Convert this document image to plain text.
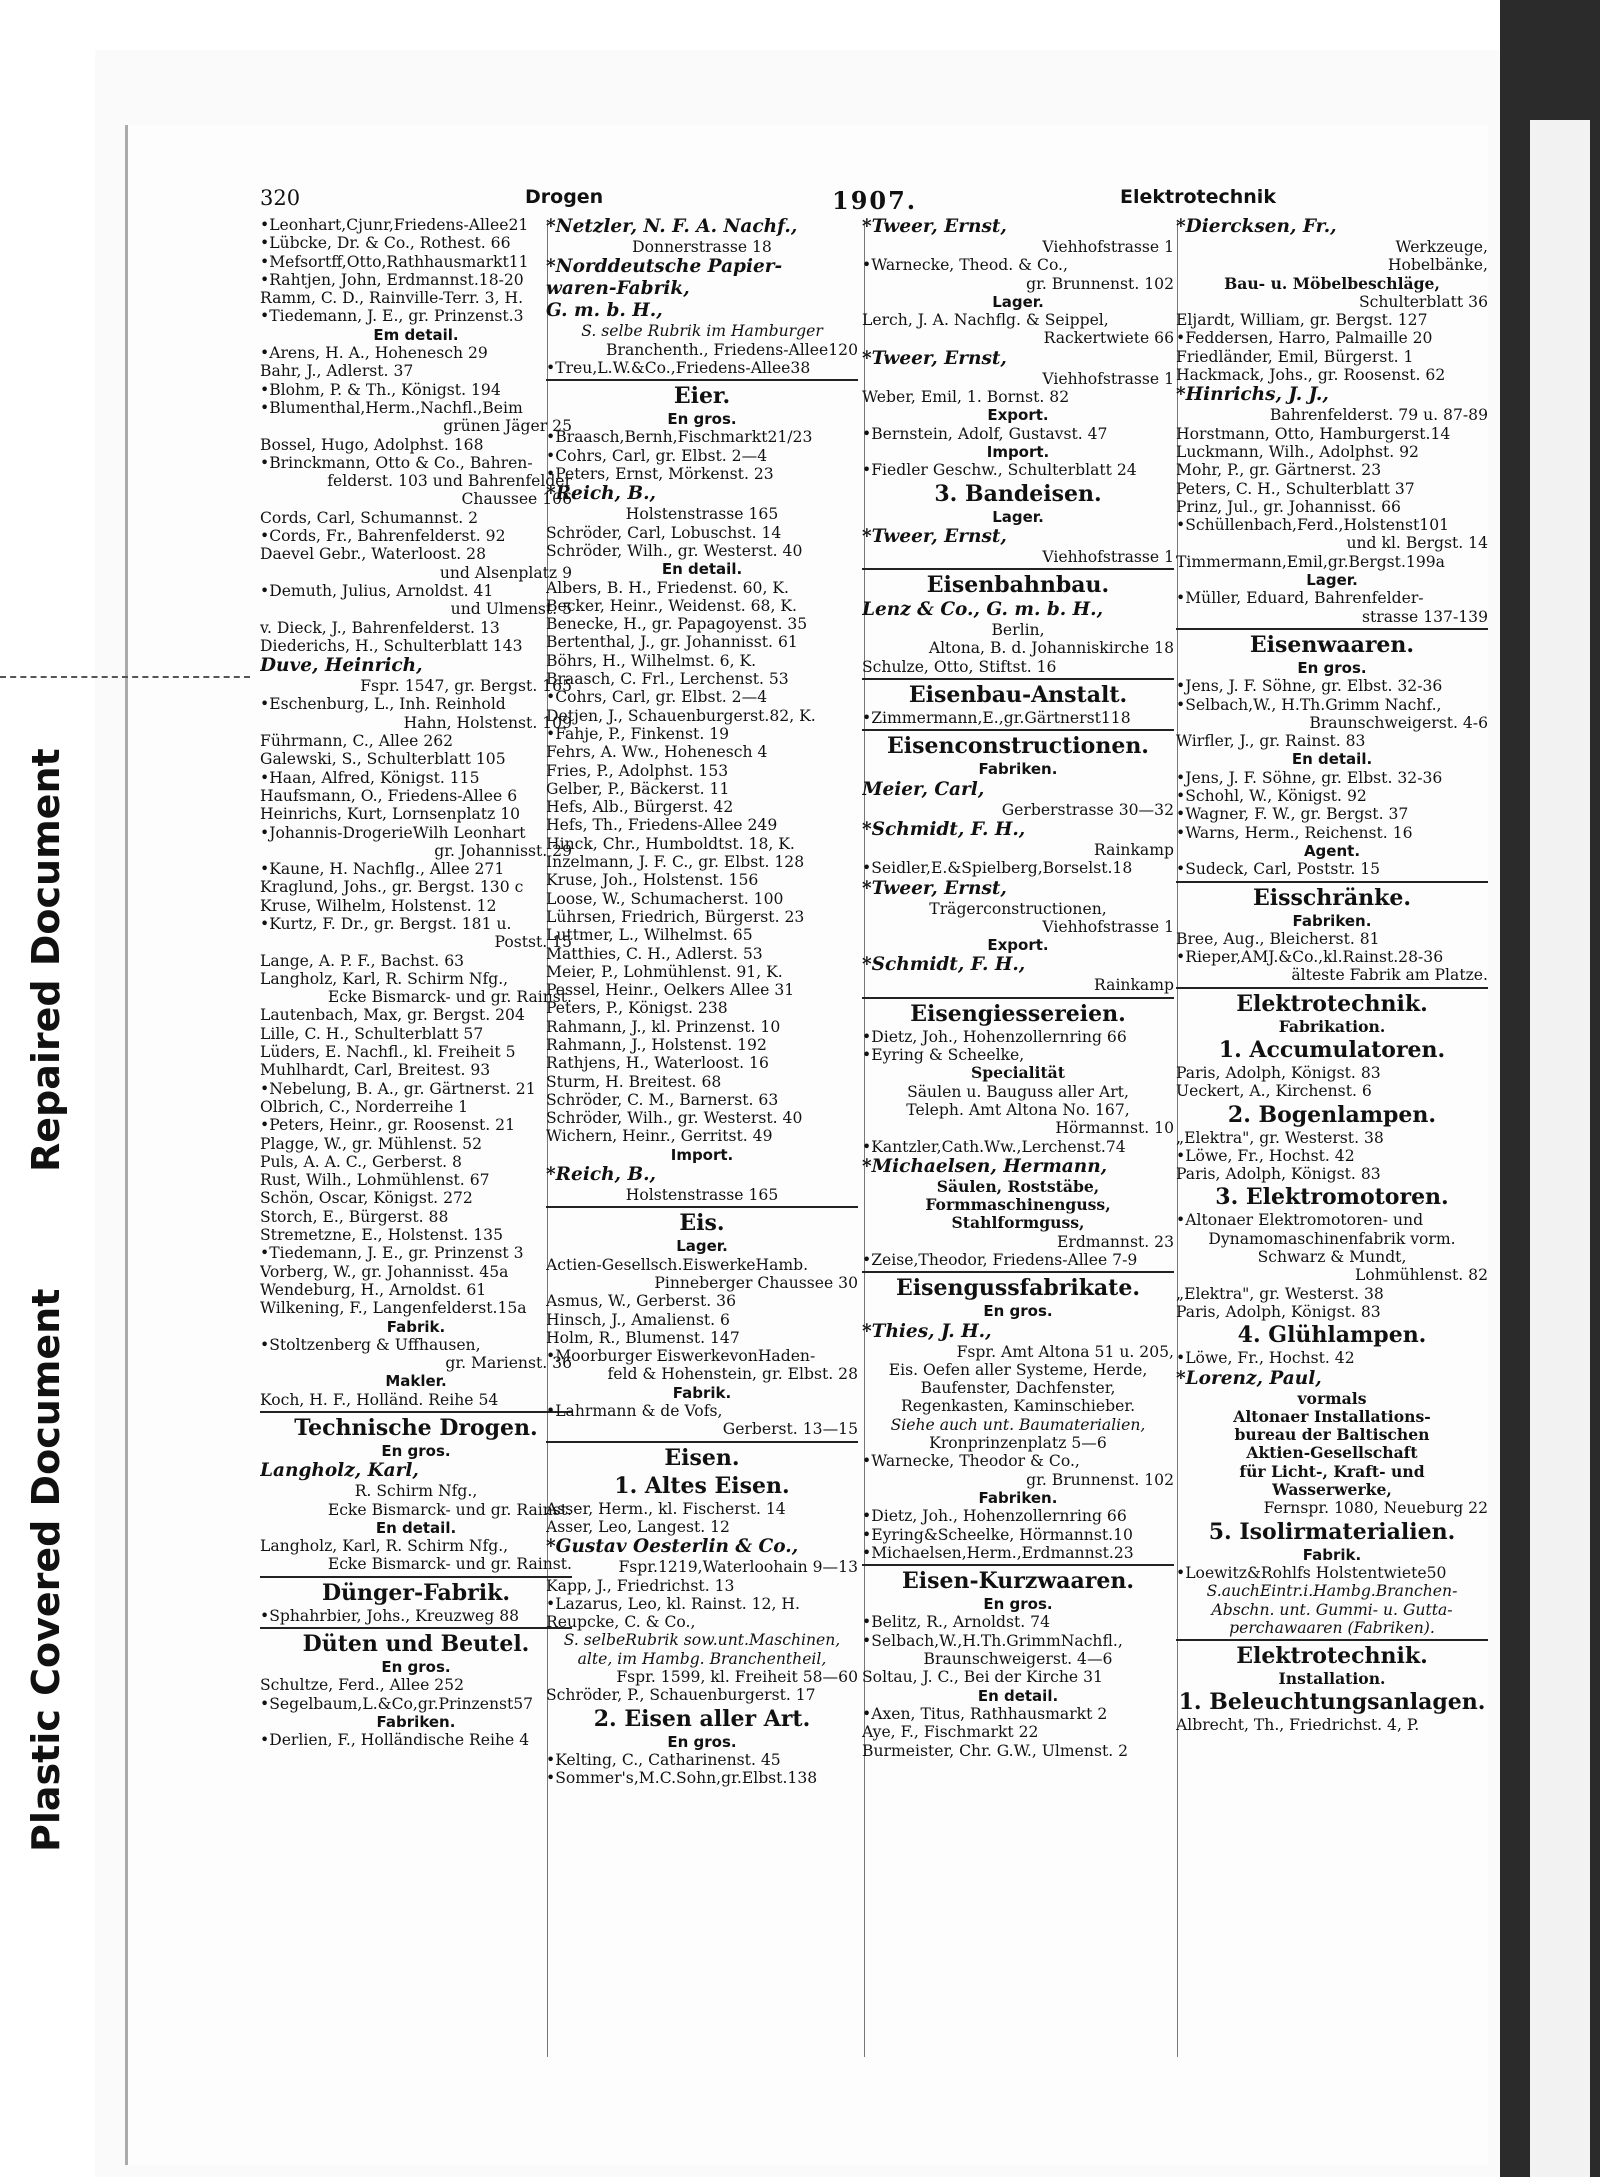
Repaired Document
Plastic Covered Document
320	Drogen	1907.	Elektrotechnik
•Leonhart,Cjunr,Friedens-Allee21
•Lübcke, Dr. & Co., Rothest. 66
•Mefsortff,Otto,Rathhausmarkt11
•Rahtjen, John, Erdmannst.18-20
Ramm, C. D., Rainville-Terr. 3, H.
•Tiedemann, J. E., gr. Prinzenst.3
Em detail.
•Arens, H. A., Hohenesch 29
Bahr, J., Adlerst. 37
•Blohm, P. & Th., Königst. 194
•Blumenthal,Herm.,Nachfl.,Beim
grünen Jäger 25
Bossel, Hugo, Adolphst. 168
•Brinckmann, Otto & Co., Bahren-
felderst. 103 und Bahrenfelder
Chaussee 106
Cords, Carl, Schumannst. 2
•Cords, Fr., Bahrenfelderst. 92
Daevel Gebr., Waterloost. 28
und Alsenplatz 9
•Demuth, Julius, Arnoldst. 41
und Ulmenst. 5
v. Dieck, J., Bahrenfelderst. 13
Diederichs, H., Schulterblatt 143
Duve, Heinrich,
Fspr. 1547, gr. Bergst. 165
•Eschenburg, L., Inh. Reinhold
Hahn, Holstenst. 109
Führmann, C., Allee 262
Galewski, S., Schulterblatt 105
•Haan, Alfred, Königst. 115
Haufsmann, O., Friedens-Allee 6
Heinrichs, Kurt, Lornsenplatz 10
•Johannis-DrogerieWilh Leonhart
gr. Johannisst. 29
•Kaune, H. Nachflg., Allee 271
Kraglund, Johs., gr. Bergst. 130 c
Kruse, Wilhelm, Holstenst. 12
•Kurtz, F. Dr., gr. Bergst. 181 u.
Postst. 15
Lange, A. P. F., Bachst. 63
Langholz, Karl, R. Schirm Nfg.,
Ecke Bismarck- und gr. Rainst.
Lautenbach, Max, gr. Bergst. 204
Lille, C. H., Schulterblatt 57
Lüders, E. Nachfl., kl. Freiheit 5
Muhlhardt, Carl, Breitest. 93
•Nebelung, B. A., gr. Gärtnerst. 21
Olbrich, C., Norderreihe 1
•Peters, Heinr., gr. Roosenst. 21
Plagge, W., gr. Mühlenst. 52
Puls, A. A. C., Gerberst. 8
Rust, Wilh., Lohmühlenst. 67
Schön, Oscar, Königst. 272
Storch, E., Bürgerst. 88
Stremetzne, E., Holstenst. 135
•Tiedemann, J. E., gr. Prinzenst 3
Vorberg, W., gr. Johannisst. 45a
Wendeburg, H., Arnoldst. 61
Wilkening, F., Langenfelderst.15a
Fabrik.
•Stoltzenberg & Uffhausen,
gr. Marienst. 36
Makler.
Koch, H. F., Holländ. Reihe 54
Technische Drogen.
En gros.
Langholz, Karl,
R. Schirm Nfg.,
Ecke Bismarck- und gr. Rainst.
En detail.
Langholz, Karl, R. Schirm Nfg.,
Ecke Bismarck- und gr. Rainst.
Dünger-Fabrik.
•Sphahrbier, Johs., Kreuzweg 88
Düten und Beutel.
En gros.
Schultze, Ferd., Allee 252
•Segelbaum,L.&Co,gr.Prinzenst57
Fabriken.
•Derlien, F., Holländische Reihe 4
*Netzler, N. F. A. Nachf.,
Donnerstrasse 18
*Norddeutsche Papier-
waren-Fabrik,
G. m. b. H.,
S. selbe Rubrik im Hamburger
Branchenth., Friedens-Allee120
•Treu,L.W.&Co.,Friedens-Allee38
Eier.
En gros.
•Braasch,Bernh,Fischmarkt21/23
•Cohrs, Carl, gr. Elbst. 2—4
•Peters, Ernst, Mörkenst. 23
*Reich, B.,
Holstenstrasse 165
Schröder, Carl, Lobuschst. 14
Schröder, Wilh., gr. Westerst. 40
En detail.
Albers, B. H., Friedenst. 60, K.
Becker, Heinr., Weidenst. 68, K.
Benecke, H., gr. Papagoyenst. 35
Bertenthal, J., gr. Johannisst. 61
Böhrs, H., Wilhelmst. 6, K.
Braasch, C. Frl., Lerchenst. 53
•Cohrs, Carl, gr. Elbst. 2—4
Detjen, J., Schauenburgerst.82, K.
•Fahje, P., Finkenst. 19
Fehrs, A. Ww., Hohenesch 4
Fries, P., Adolphst. 153
Gelber, P., Bäckerst. 11
Hefs, Alb., Bürgerst. 42
Hefs, Th., Friedens-Allee 249
Hinck, Chr., Humboldtst. 18, K.
Inzelmann, J. F. C., gr. Elbst. 128
Kruse, Joh., Holstenst. 156
Loose, W., Schumacherst. 100
Lührsen, Friedrich, Bürgerst. 23
Luttmer, L., Wilhelmst. 65
Matthies, C. H., Adlerst. 53
Meier, P., Lohmühlenst. 91, K.
Pessel, Heinr., Oelkers Allee 31
Peters, P., Königst. 238
Rahmann, J., kl. Prinzenst. 10
Rahmann, J., Holstenst. 192
Rathjens, H., Waterloost. 16
Sturm, H. Breitest. 68
Schröder, C. M., Barnerst. 63
Schröder, Wilh., gr. Westerst. 40
Wichern, Heinr., Gerritst. 49
Import.
*Reich, B.,
Holstenstrasse 165
Eis.
Lager.
Actien-Gesellsch.EiswerkeHamb.
Pinneberger Chaussee 30
Asmus, W., Gerberst. 36
Hinsch, J., Amalienst. 6
Holm, R., Blumenst. 147
•Moorburger EiswerkevonHaden-
feld & Hohenstein, gr. Elbst. 28
Fabrik.
•Lahrmann & de Vofs,
Gerberst. 13—15
Eisen.
1. Altes Eisen.
Asser, Herm., kl. Fischerst. 14
Asser, Leo, Langest. 12
*Gustav Oesterlin & Co.,
Fspr.1219,Waterloohain 9—13
Kapp, J., Friedrichst. 13
•Lazarus, Leo, kl. Rainst. 12, H.
Reupcke, C. & Co.,
S. selbeRubrik sow.unt.Maschinen,
alte, im Hambg. Branchentheil,
Fspr. 1599, kl. Freiheit 58—60
Schröder, P., Schauenburgerst. 17
2. Eisen aller Art.
En gros.
•Kelting, C., Catharinenst. 45
•Sommer's,M.C.Sohn,gr.Elbst.138
*Tweer, Ernst,
Viehhofstrasse 1
•Warnecke, Theod. & Co.,
gr. Brunnenst. 102
Lager.
Lerch, J. A. Nachflg. & Seippel,
Rackertwiete 66
*Tweer, Ernst,
Viehhofstrasse 1
Weber, Emil, 1. Bornst. 82
Export.
•Bernstein, Adolf, Gustavst. 47
Import.
•Fiedler Geschw., Schulterblatt 24
3. Bandeisen.
Lager.
*Tweer, Ernst,
Viehhofstrasse 1
Eisenbahnbau.
Lenz & Co., G. m. b. H.,
Berlin,
Altona, B. d. Johanniskirche 18
Schulze, Otto, Stiftst. 16
Eisenbau-Anstalt.
•Zimmermann,E.,gr.Gärtnerst118
Eisenconstructionen.
Fabriken.
Meier, Carl,
Gerberstrasse 30—32
*Schmidt, F. H.,
Rainkamp
•Seidler,E.&Spielberg,Borselst.18
*Tweer, Ernst,
Trägerconstructionen,
Viehhofstrasse 1
Export.
*Schmidt, F. H.,
Rainkamp
Eisengiessereien.
•Dietz, Joh., Hohenzollernring 66
•Eyring & Scheelke,
Specialität
Säulen u. Bauguss aller Art,
Teleph. Amt Altona No. 167,
Hörmannst. 10
•Kantzler,Cath.Ww.,Lerchenst.74
*Michaelsen, Hermann,
Säulen, Roststäbe,
Formmaschinenguss,
Stahlformguss,
Erdmannst. 23
•Zeise,Theodor, Friedens-Allee 7-9
Eisengussfabrikate.
En gros.
*Thies, J. H.,
Fspr. Amt Altona 51 u. 205,
Eis. Oefen aller Systeme, Herde,
Baufenster, Dachfenster,
Regenkasten, Kaminschieber.
Siehe auch unt. Baumaterialien,
Kronprinzenplatz 5—6
•Warnecke, Theodor & Co.,
gr. Brunnenst. 102
Fabriken.
•Dietz, Joh., Hohenzollernring 66
•Eyring&Scheelke, Hörmannst.10
•Michaelsen,Herm.,Erdmannst.23
Eisen-Kurzwaaren.
En gros.
•Belitz, R., Arnoldst. 74
•Selbach,W.,H.Th.GrimmNachfl.,
Braunschweigerst. 4—6
Soltau, J. C., Bei der Kirche 31
En detail.
•Axen, Titus, Rathhausmarkt 2
Aye, F., Fischmarkt 22
Burmeister, Chr. G.W., Ulmenst. 2
*Diercksen, Fr.,
Werkzeuge,
Hobelbänke,
Bau- u. Möbelbeschläge,
Schulterblatt 36
Eljardt, William, gr. Bergst. 127
•Feddersen, Harro, Palmaille 20
Friedländer, Emil, Bürgerst. 1
Hackmack, Johs., gr. Roosenst. 62
*Hinrichs, J. J.,
Bahrenfelderst. 79 u. 87-89
Horstmann, Otto, Hamburgerst.14
Luckmann, Wilh., Adolphst. 92
Mohr, P., gr. Gärtnerst. 23
Peters, C. H., Schulterblatt 37
Prinz, Jul., gr. Johannisst. 66
•Schüllenbach,Ferd.,Holstenst101
und kl. Bergst. 14
Timmermann,Emil,gr.Bergst.199a
Lager.
•Müller, Eduard, Bahrenfelder-
strasse 137-139
Eisenwaaren.
En gros.
•Jens, J. F. Söhne, gr. Elbst. 32-36
•Selbach,W., H.Th.Grimm Nachf.,
Braunschweigerst. 4-6
Wirfler, J., gr. Rainst. 83
En detail.
•Jens, J. F. Söhne, gr. Elbst. 32-36
•Schohl, W., Königst. 92
•Wagner, F. W., gr. Bergst. 37
•Warns, Herm., Reichenst. 16
Agent.
•Sudeck, Carl, Poststr. 15
Eisschränke.
Fabriken.
Bree, Aug., Bleicherst. 81
•Rieper,AMJ.&Co.,kl.Rainst.28-36
älteste Fabrik am Platze.
Elektrotechnik.
Fabrikation.
1. Accumulatoren.
Paris, Adolph, Königst. 83
Ueckert, A., Kirchenst. 6
2. Bogenlampen.
„Elektra", gr. Westerst. 38
•Löwe, Fr., Hochst. 42
Paris, Adolph, Königst. 83
3. Elektromotoren.
•Altonaer Elektromotoren- und
Dynamomaschinenfabrik vorm.
Schwarz & Mundt,
Lohmühlenst. 82
„Elektra", gr. Westerst. 38
Paris, Adolph, Königst. 83
4. Glühlampen.
•Löwe, Fr., Hochst. 42
*Lorenz, Paul,
vormals
Altonaer Installations-
bureau der Baltischen
Aktien-Gesellschaft
für Licht-, Kraft- und
Wasserwerke,
Fernspr. 1080, Neueburg 22
5. Isolirmaterialien.
Fabrik.
•Loewitz&Rohlfs Holstentwiete50
S.auchEintr.i.Hambg.Branchen-
Abschn. unt. Gummi- u. Gutta-
perchawaaren (Fabriken).
Elektrotechnik.
Installation.
1. Beleuchtungsanlagen.
Albrecht, Th., Friedrichst. 4, P.
